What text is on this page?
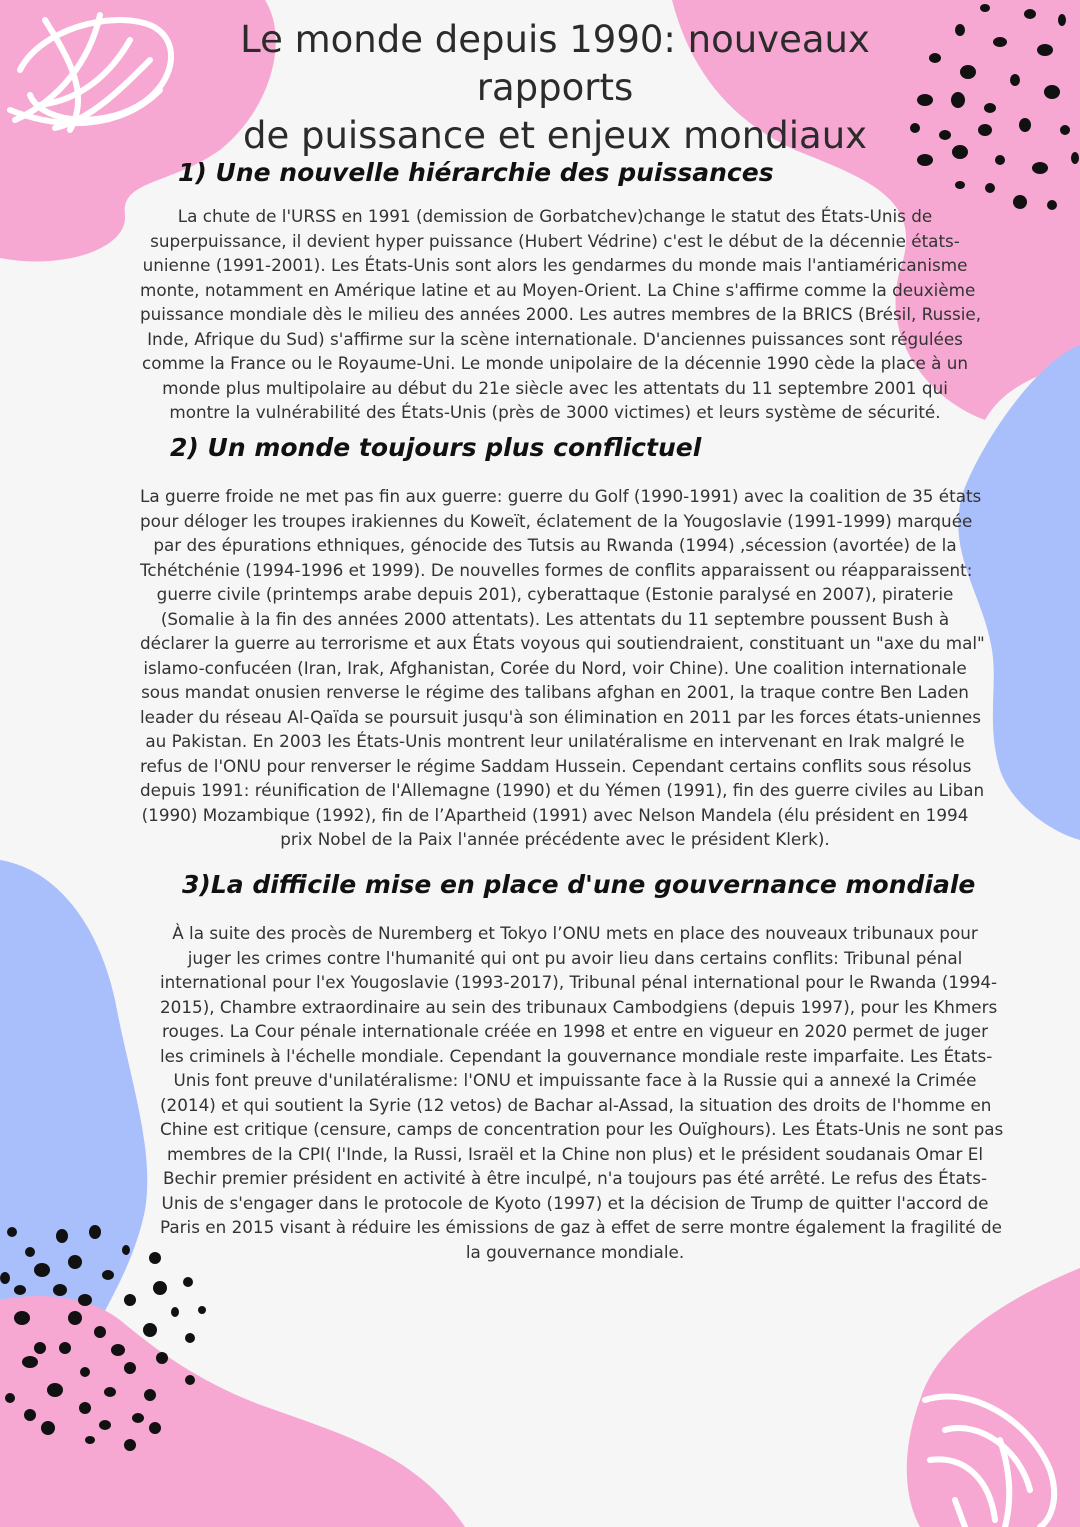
Le monde depuis 1990: nouveaux rapports
de puissance et enjeux mondiaux
1) Une nouvelle hiérarchie des puissances
La chute de l'URSS en 1991 (demission de Gorbatchev)change le statut des États-Unis de
superpuissance, il devient hyper puissance (Hubert Védrine) c'est le début de la décennie états-
unienne (1991-2001). Les États-Unis sont alors les gendarmes du monde mais l'antiaméricanisme
monte, notamment en Amérique latine et au Moyen-Orient. La Chine s'affirme comme la deuxième
puissance mondiale dès le milieu des années 2000. Les autres membres de la BRICS (Brésil, Russie,
Inde, Afrique du Sud) s'affirme sur la scène internationale. D'anciennes puissances sont régulées
comme la France ou le Royaume-Uni. Le monde unipolaire de la décennie 1990 cède la place à un
monde plus multipolaire au début du 21e siècle avec les attentats du 11 septembre 2001 qui
montre la vulnérabilité des États-Unis (près de 3000 victimes) et leurs système de sécurité.
2) Un monde toujours plus conflictuel
La guerre froide ne met pas fin aux guerre: guerre du Golf (1990-1991) avec la coalition de 35 états
pour déloger les troupes irakiennes du Koweït, éclatement de la Yougoslavie (1991-1999) marquée
par des épurations ethniques, génocide des Tutsis au Rwanda (1994) ,sécession (avortée) de la
Tchétchénie (1994-1996 et 1999). De nouvelles formes de conflits apparaissent ou réapparaissent:
guerre civile (printemps arabe depuis 201), cyberattaque (Estonie paralysé en 2007), piraterie
(Somalie à la fin des années 2000 attentats). Les attentats du 11 septembre poussent Bush à
déclarer la guerre au terrorisme et aux États voyous qui soutiendraient, constituant un "axe du mal"
islamo-confucéen (Iran, Irak, Afghanistan, Corée du Nord, voir Chine). Une coalition internationale
sous mandat onusien renverse le régime des talibans afghan en 2001, la traque contre Ben Laden
leader du réseau Al-Qaïda se poursuit jusqu'à son élimination en 2011 par les forces états-uniennes
au Pakistan. En 2003 les États-Unis montrent leur unilatéralisme en intervenant en Irak malgré le
refus de l'ONU pour renverser le régime Saddam Hussein. Cependant certains conflits sous résolus
depuis 1991: réunification de l'Allemagne (1990) et du Yémen (1991), fin des guerre civiles au Liban
(1990) Mozambique (1992), fin de l’Apartheid (1991) avec Nelson Mandela (élu président en 1994
prix Nobel de la Paix l'année précédente avec le président Klerk).
3)La difficile mise en place d'une gouvernance mondiale
À la suite des procès de Nuremberg et Tokyo l’ONU mets en place des nouveaux tribunaux pour
juger les crimes contre l'humanité qui ont pu avoir lieu dans certains conflits: Tribunal pénal
international pour l'ex Yougoslavie (1993-2017), Tribunal pénal international pour le Rwanda (1994-
2015), Chambre extraordinaire au sein des tribunaux Cambodgiens (depuis 1997), pour les Khmers
rouges. La Cour pénale internationale créée en 1998 et entre en vigueur en 2020 permet de juger
les criminels à l'échelle mondiale. Cependant la gouvernance mondiale reste imparfaite. Les États-
Unis font preuve d'unilatéralisme: l'ONU et impuissante face à la Russie qui a annexé la Crimée
(2014) et qui soutient la Syrie (12 vetos) de Bachar al-Assad, la situation des droits de l'homme en
Chine est critique (censure, camps de concentration pour les Ouïghours). Les États-Unis ne sont pas
membres de la CPI( l'Inde, la Russi, Israël et la Chine non plus) et le président soudanais Omar El
Bechir premier président en activité à être inculpé, n'a toujours pas été arrêté. Le refus des États-
Unis de s'engager dans le protocole de Kyoto (1997) et la décision de Trump de quitter l'accord de
Paris en 2015 visant à réduire les émissions de gaz à effet de serre montre également la fragilité de
la gouvernance mondiale.
